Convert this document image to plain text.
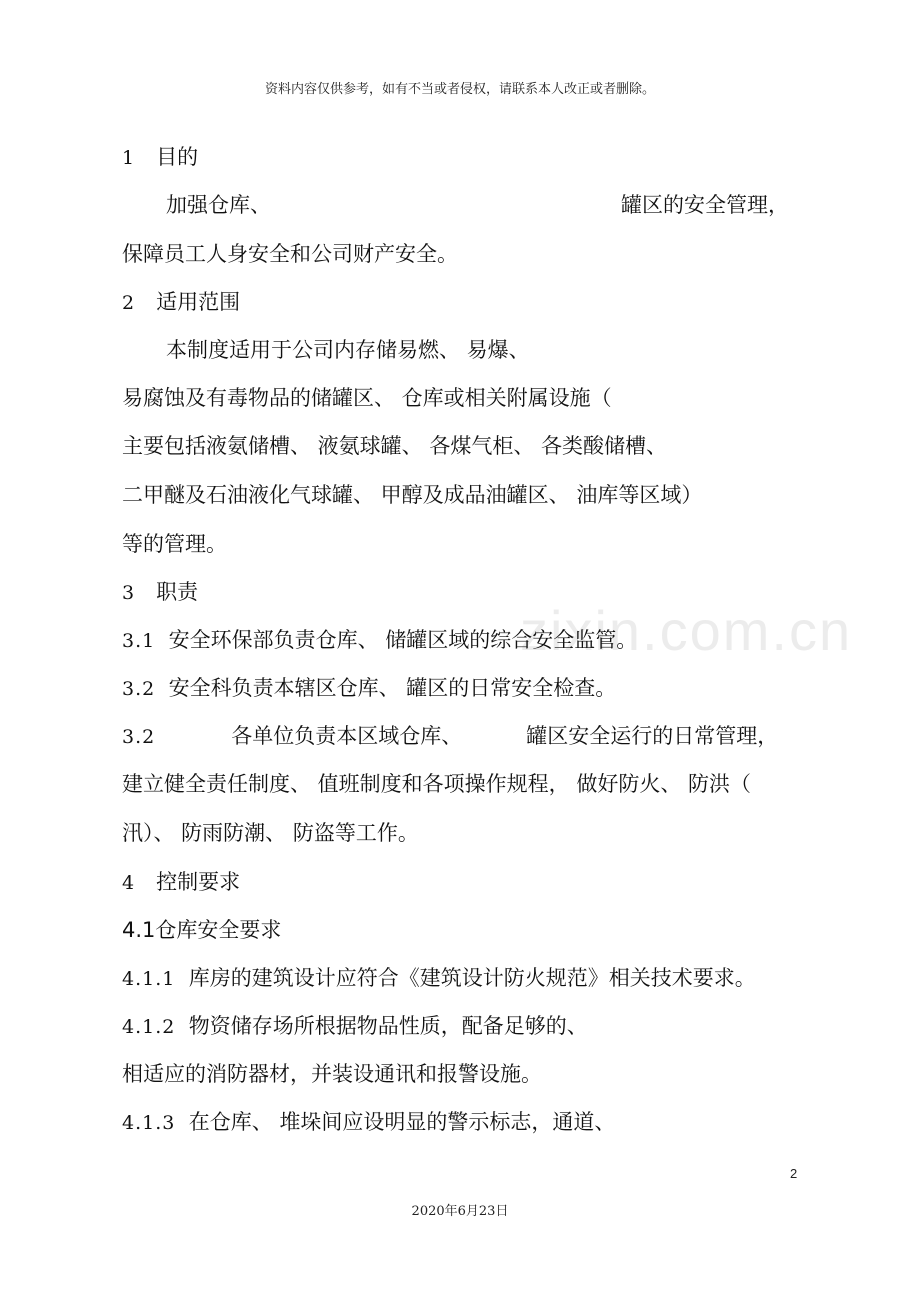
资料内容仅供参考，如有不当或者侵权，请联系本人改正或者删除。
zixin.com.cn
1 目的
加强仓库、	罐区的安全管理，
保障员工人身安全和公司财产安全。
2 适用范围
本制度适用于公司内存储易燃、 易爆、
易腐蚀及有毒物品的储罐区、 仓库或相关附属设施（
主要包括液氨储槽、 液氨球罐、 各煤气柜、 各类酸储槽、
二甲醚及石油液化气球罐、 甲醇及成品油罐区、 油库等区域）
等的管理。
3 职责
3.1 安全环保部负责仓库、 储罐区域的综合安全监管。
3.2 安全科负责本辖区仓库、 罐区的日常安全检查。
3.2	各单位负责本区域仓库、	罐区安全运行的日常管理，
建立健全责任制度、 值班制度和各项操作规程， 做好防火、 防洪（
汛）、 防雨防潮、 防盗等工作。
4 控制要求
4.1仓库安全要求
4.1.1 库房的建筑设计应符合《建筑设计防火规范》相关技术要求。
4.1.2 物资储存场所根据物品性质，配备足够的、
相适应的消防器材，并装设通讯和报警设施。
4.1.3 在仓库、 堆垛间应设明显的警示标志，通道、
2
2020年6月23日
